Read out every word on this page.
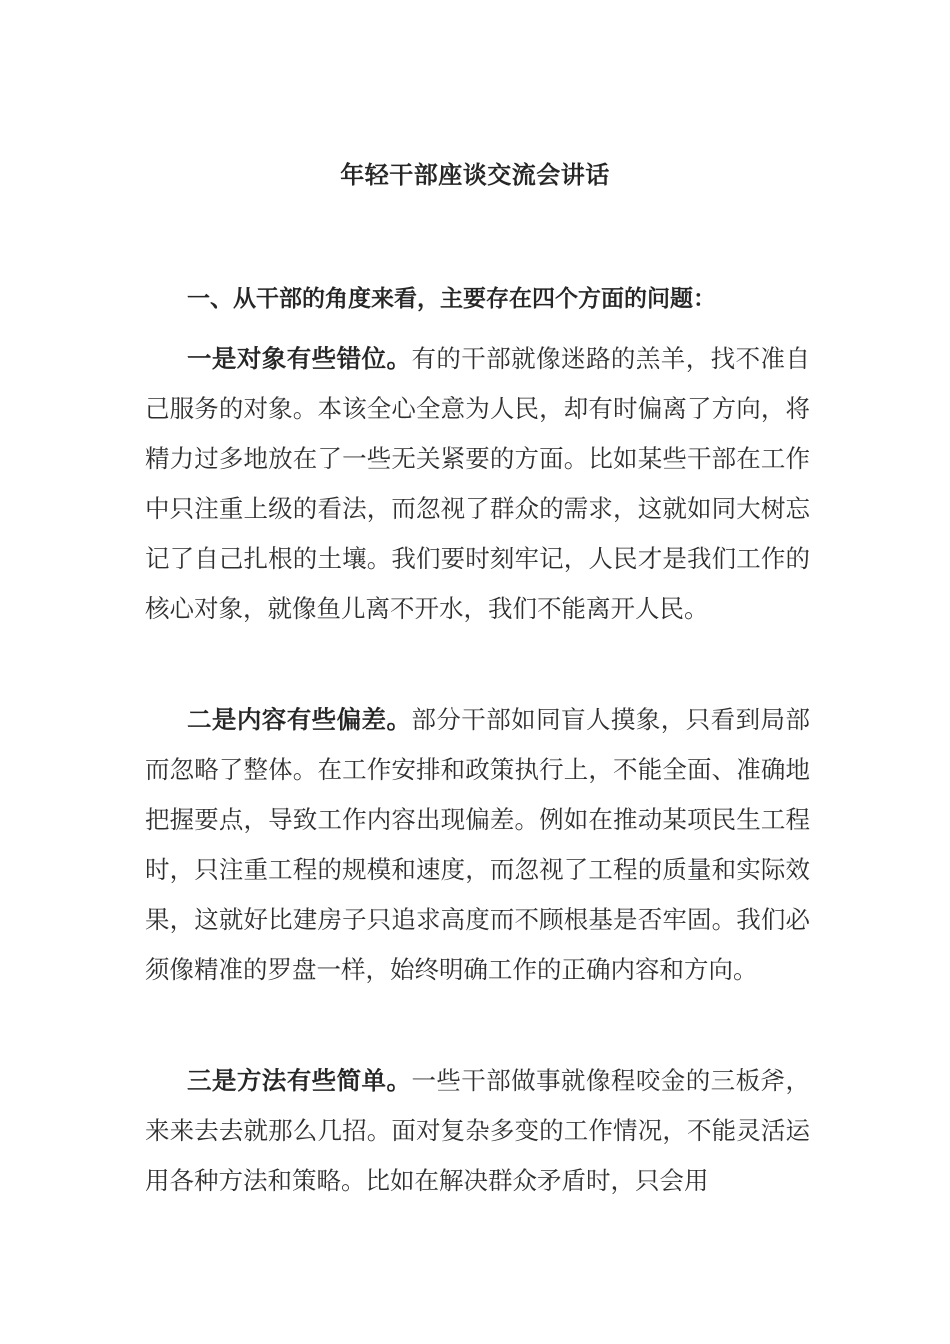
年轻干部座谈交流会讲话

一、从干部的角度来看，主要存在四个方面的问题：

一是对象有些错位。有的干部就像迷路的羔羊，找不准自己服务的对象。本该全心全意为人民，却有时偏离了方向，将精力过多地放在了一些无关紧要的方面。比如某些干部在工作中只注重上级的看法，而忽视了群众的需求，这就如同大树忘记了自己扎根的土壤。我们要时刻牢记，人民才是我们工作的核心对象，就像鱼儿离不开水，我们不能离开人民。

二是内容有些偏差。部分干部如同盲人摸象，只看到局部而忽略了整体。在工作安排和政策执行上，不能全面、准确地把握要点，导致工作内容出现偏差。例如在推动某项民生工程时，只注重工程的规模和速度，而忽视了工程的质量和实际效果，这就好比建房子只追求高度而不顾根基是否牢固。我们必须像精准的罗盘一样，始终明确工作的正确内容和方向。

三是方法有些简单。一些干部做事就像程咬金的三板斧，来来去去就那么几招。面对复杂多变的工作情况，不能灵活运用各种方法和策略。比如在解决群众矛盾时，只会用
